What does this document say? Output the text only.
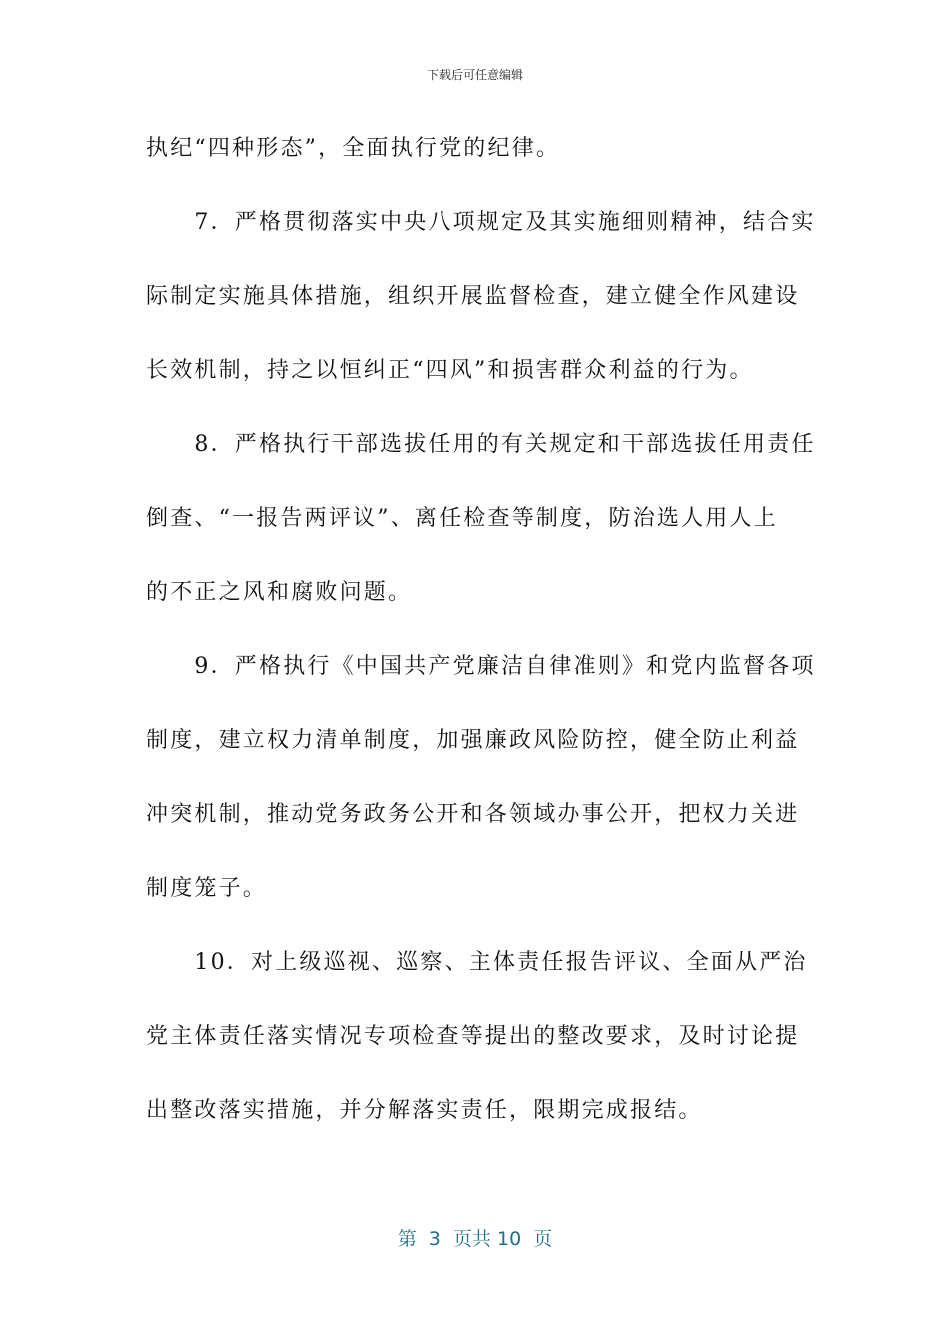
下载后可任意编辑
执纪“四种形态”，全面执行党的纪律。
　　7．严格贯彻落实中央八项规定及其实施细则精神，结合实
际制定实施具体措施，组织开展监督检查，建立健全作风建设
长效机制，持之以恒纠正“四风”和损害群众利益的行为。
　　8．严格执行干部选拔任用的有关规定和干部选拔任用责任
倒查、“一报告两评议”、离任检查等制度，防治选人用人上
的不正之风和腐败问题。
　　9．严格执行《中国共产党廉洁自律准则》和党内监督各项
制度，建立权力清单制度，加强廉政风险防控，健全防止利益
冲突机制，推动党务政务公开和各领域办事公开，把权力关进
制度笼子。
　　10．对上级巡视、巡察、主体责任报告评议、全面从严治
党主体责任落实情况专项检查等提出的整改要求，及时讨论提
出整改落实措施，并分解落实责任，限期完成报结。
第  3  页共 10  页
